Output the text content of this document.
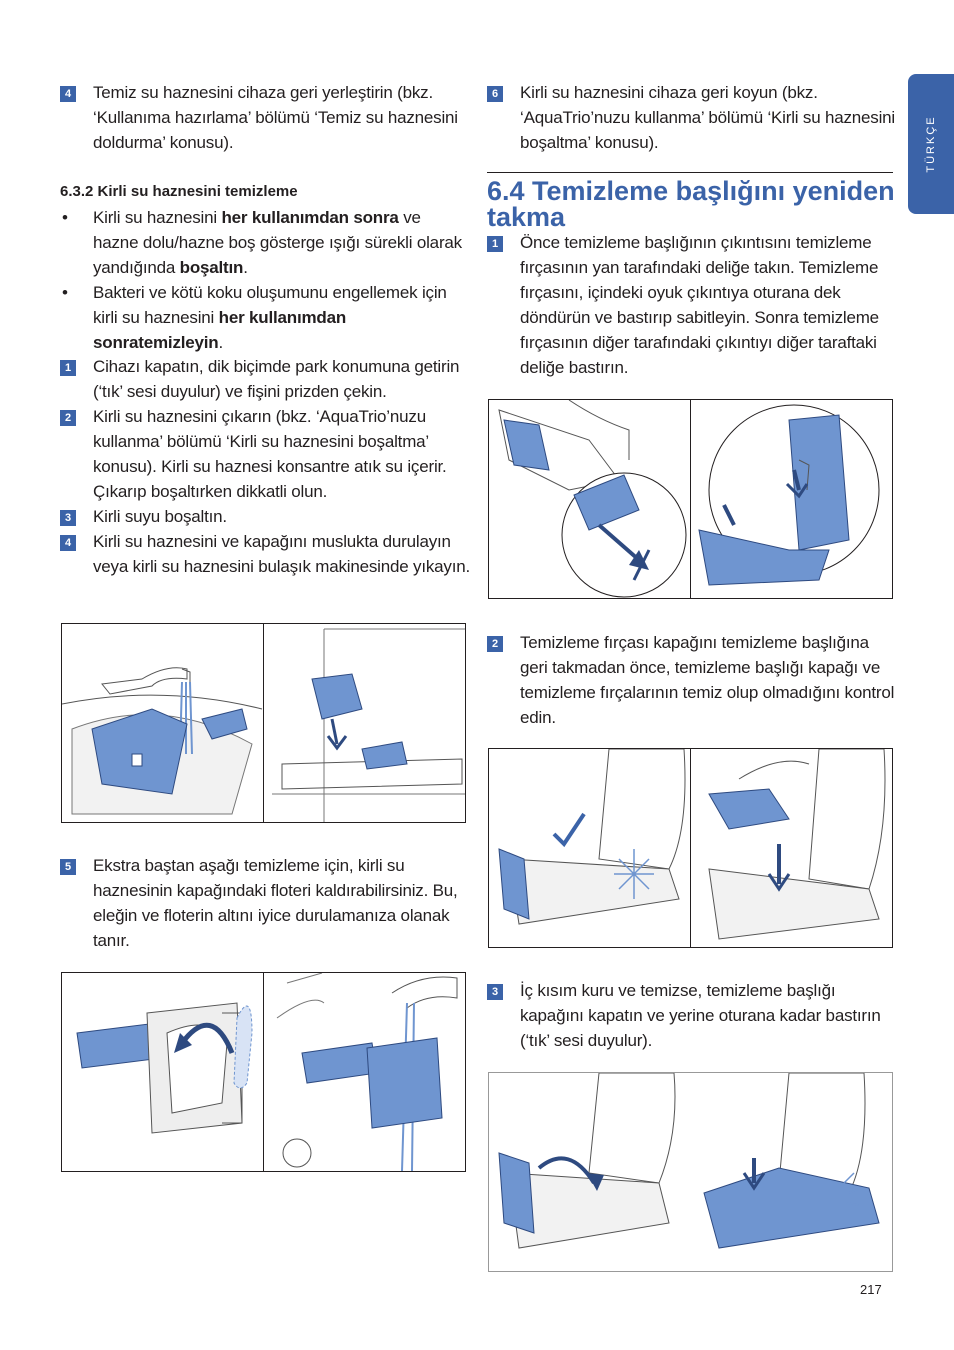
TÜRKÇE
4 Temiz su haznesini cihaza geri yerleştirin (bkz. ‘Kullanıma hazırlama’ bölümü ‘Temiz su haznesini doldurma’ konusu).
6.3.2 Kirli su haznesini temizleme
• Kirli su haznesini her kullanımdan sonra ve hazne dolu/hazne boş gösterge ışığı sürekli olarak yandığında boşaltın.
• Bakteri ve kötü koku oluşumunu engellemek için kirli su haznesini her kullanımdan sonratemizleyin.
1 Cihazı kapatın, dik biçimde park konumuna getirin (‘tık’ sesi duyulur) ve fişini prizden çekin.
2 Kirli su haznesini çıkarın (bkz. ‘AquaTrio’nuzu kullanma’ bölümü ‘Kirli su haznesini boşaltma’ konusu). Kirli su haznesi konsantre atık su içerir. Çıkarıp boşaltırken dikkatli olun.
3 Kirli suyu boşaltın.
4 Kirli su haznesini ve kapağını muslukta durulayın veya kirli su haznesini bulaşık makinesinde yıkayın.
5 Ekstra baştan aşağı temizleme için, kirli su haznesinin kapağındaki floteri kaldırabilirsiniz. Bu, eleğin ve floterin altını iyice durulamanıza olanak tanır.
6 Kirli su haznesini cihaza geri koyun (bkz. ‘AquaTrio’nuzu kullanma’ bölümü ‘Kirli su haznesini boşaltma’ konusu).
6.4 Temizleme başlığını yeniden takma
1 Önce temizleme başlığının çıkıntısını temizleme fırçasının yan tarafındaki deliğe takın. Temizleme fırçasını, içindeki oyuk çıkıntıya oturana dek döndürün ve bastırıp sabitleyin. Sonra temizleme fırçasının diğer tarafındaki çıkıntıyı diğer taraftaki deliğe bastırın.
2 Temizleme fırçası kapağını temizleme başlığına geri takmadan önce, temizleme başlığı kapağı ve temizleme fırçalarının temiz olup olmadığını kontrol edin.
3 İç kısım kuru ve temizse, temizleme başlığı kapağını kapatın ve yerine oturana kadar bastırın (‘tık’ sesi duyulur).
217
